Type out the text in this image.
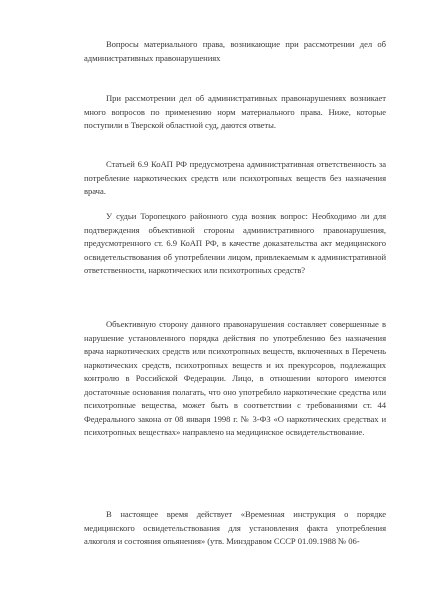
Вопросы материального права, возникающие при рассмотрении дел об административных правонарушениях
При рассмотрении дел об административных правонарушениях возникает много вопросов по применению норм материального права. Ниже, которые поступили в Тверской областной суд, даются ответы.
Статьей 6.9 КоАП РФ предусмотрена административная ответственность за потребление наркотических средств или психотропных веществ без назначения врача.
У судьи Торопецкого районного суда возник вопрос: Необходимо ли для подтверждения объективной стороны административного правонарушения, предусмотренного ст. 6.9 КоАП РФ, в качестве доказательства акт медицинского освидетельствования об употреблении лицом, привлекаемым к административной ответственности, наркотических или психотропных средств?
Объективную сторону данного правонарушения составляет совершенные в нарушение установленного порядка действия по употреблению без назначения врача наркотических средств или психотропных веществ, включенных в Перечень наркотических средств, психотропных веществ и их прекурсоров, подлежащих контролю в Российской Федерации. Лицо, в отношении которого имеются достаточные основания полагать, что оно употребило наркотические средства или психотропные вещества, может быть в соответствии с требованиями ст. 44 Федерального закона от 08 января 1998 г. № 3-ФЗ «О наркотических средствах и психотропных веществах» направлено на медицинское освидетельствование.
В настоящее время действует «Временная инструкция о порядке медицинского освидетельствования для установления факта употребления алкоголя и состояния опьянения» (утв. Минздравом СССР 01.09.1988 № 06-
